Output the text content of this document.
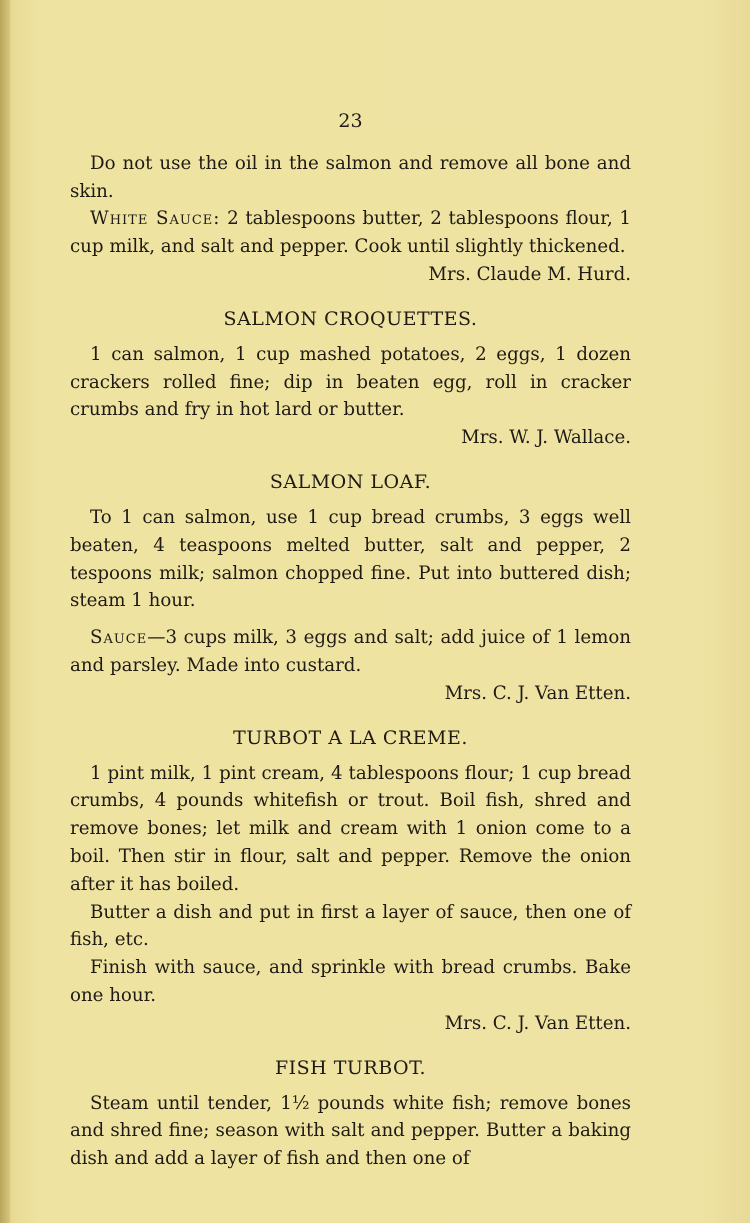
23

Do not use the oil in the salmon and remove all bone and skin.

White Sauce: 2 tablespoons butter, 2 tablespoons flour, 1 cup milk, and salt and pepper. Cook until slightly thickened.

Mrs. Claude M. Hurd.

SALMON CROQUETTES.

1 can salmon, 1 cup mashed potatoes, 2 eggs, 1 dozen crackers rolled fine; dip in beaten egg, roll in cracker crumbs and fry in hot lard or butter.

Mrs. W. J. Wallace.

SALMON LOAF.

To 1 can salmon, use 1 cup bread crumbs, 3 eggs well beaten, 4 teaspoons melted butter, salt and pepper, 2 tespoons milk; salmon chopped fine. Put into buttered dish; steam 1 hour.

Sauce—3 cups milk, 3 eggs and salt; add juice of 1 lemon and parsley. Made into custard.

Mrs. C. J. Van Etten.

TURBOT A LA CREME.

1 pint milk, 1 pint cream, 4 tablespoons flour; 1 cup bread crumbs, 4 pounds whitefish or trout. Boil fish, shred and remove bones; let milk and cream with 1 onion come to a boil. Then stir in flour, salt and pepper. Remove the onion after it has boiled.

Butter a dish and put in first a layer of sauce, then one of fish, etc.

Finish with sauce, and sprinkle with bread crumbs. Bake one hour.

Mrs. C. J. Van Etten.

FISH TURBOT.

Steam until tender, 1½ pounds white fish; remove bones and shred fine; season with salt and pepper. Butter a baking dish and add a layer of fish and then one of
